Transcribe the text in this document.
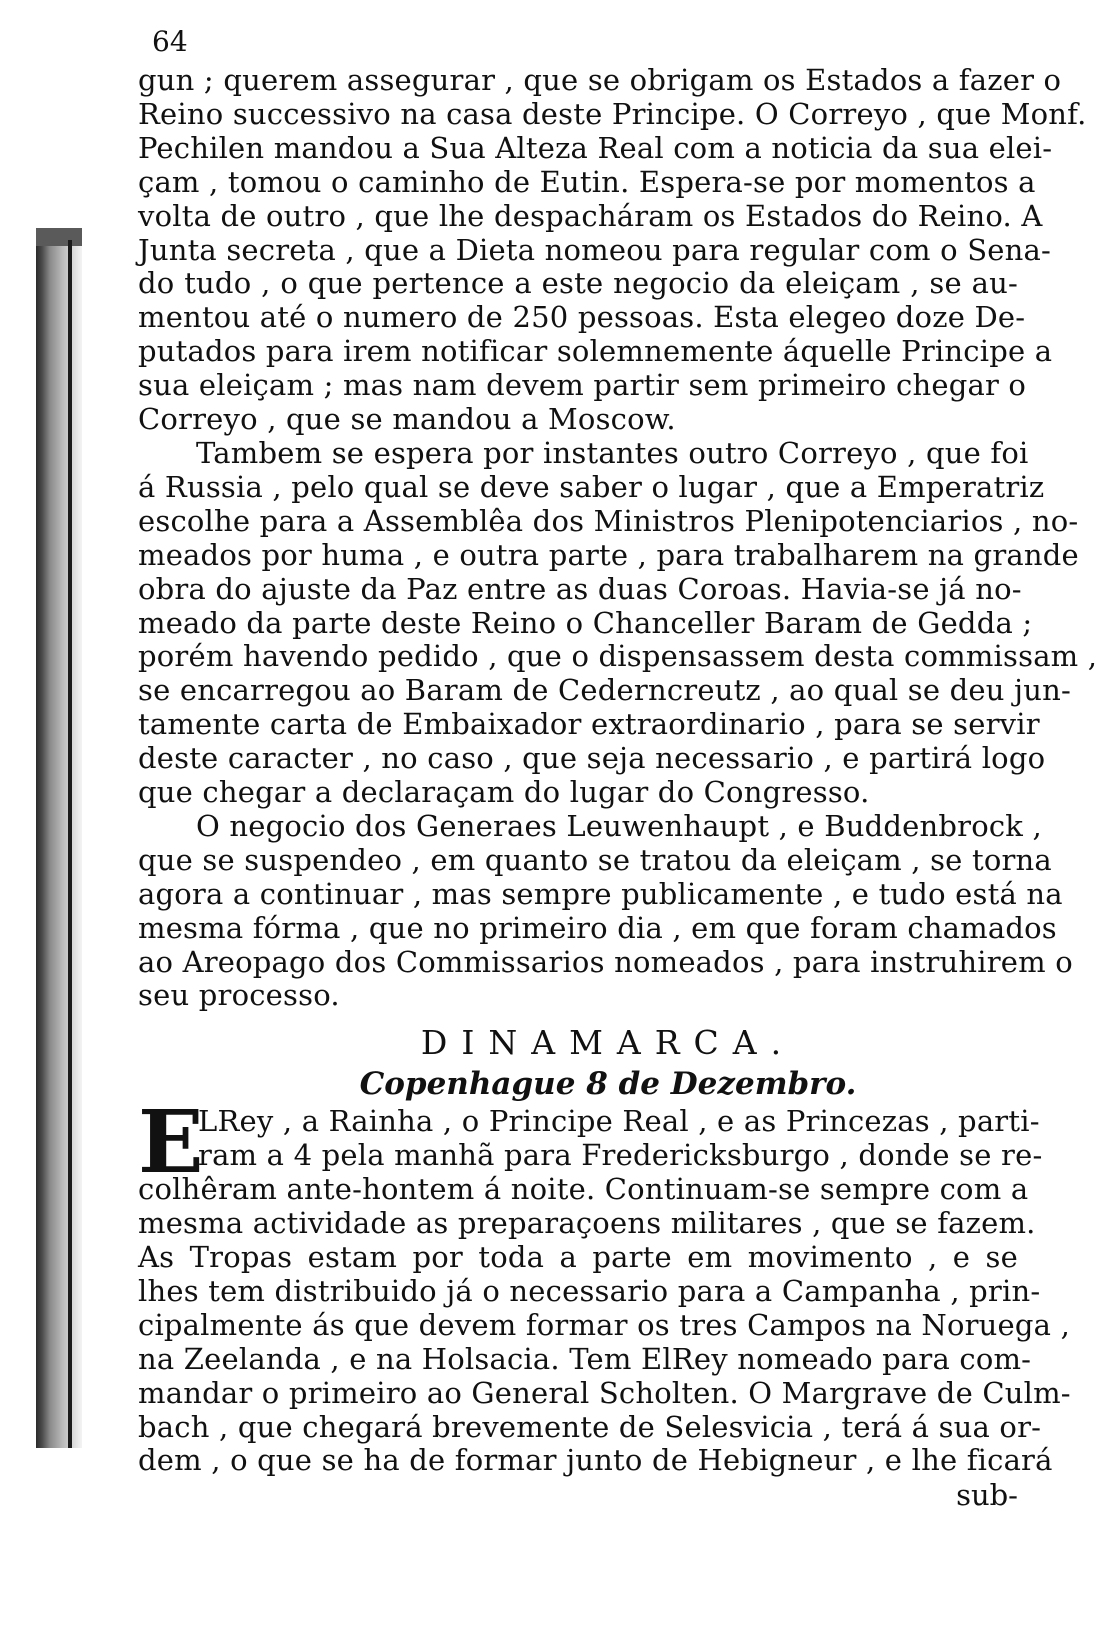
64
gun ; querem assegurar , que se obrigam os Estados a fazer o
Reino successivo na casa deste Principe. O Correyo , que Monf.
Pechilen mandou a Sua Alteza Real com a noticia da sua elei-
çam , tomou o caminho de Eutin. Espera-se por momentos a
volta de outro , que lhe despacháram os Estados do Reino. A
Junta secreta , que a Dieta nomeou para regular com o Sena-
do tudo , o que pertence a este negocio da eleiçam , se au-
mentou até o numero de 250 pessoas. Esta elegeo doze De-
putados para irem notificar solemnemente áquelle Principe a
sua eleiçam ; mas nam devem partir sem primeiro chegar o
Correyo , que se mandou a Moscow.
Tambem se espera por instantes outro Correyo , que foi
á Russia , pelo qual se deve saber o lugar , que a Emperatriz
escolhe para a Assemblêa dos Ministros Plenipotenciarios , no-
meados por huma , e outra parte , para trabalharem na grande
obra do ajuste da Paz entre as duas Coroas. Havia-se já no-
meado da parte deste Reino o Chanceller Baram de Gedda ;
porém havendo pedido , que o dispensassem desta commissam ,
se encarregou ao Baram de Cederncreutz , ao qual se deu jun-
tamente carta de Embaixador extraordinario , para se servir
deste caracter , no caso , que seja necessario , e partirá logo
que chegar a declaraçam do lugar do Congresso.
O negocio dos Generaes Leuwenhaupt , e Buddenbrock ,
que se suspendeo , em quanto se tratou da eleiçam , se torna
agora a continuar , mas sempre publicamente , e tudo está na
mesma fórma , que no primeiro dia , em que foram chamados
ao Areopago dos Commissarios nomeados , para instruhirem o
seu processo.
DINAMARCA.
Copenhague 8 de Dezembro.
E
LRey , a Rainha , o Principe Real , e as Princezas , parti-
ram a 4 pela manhã para Fredericksburgo , donde se re-
colhêram ante-hontem á noite. Continuam-se sempre com a
mesma actividade as preparaçoens militares , que se fazem.
As Tropas estam por toda a parte em movimento , e se
lhes tem distribuido já o necessario para a Campanha , prin-
cipalmente ás que devem formar os tres Campos na Noruega ,
na Zeelanda , e na Holsacia. Tem ElRey nomeado para com-
mandar o primeiro ao General Scholten. O Margrave de Culm-
bach , que chegará brevemente de Selesvicia , terá á sua or-
dem , o que se ha de formar junto de Hebigneur , e lhe ficará
sub-
